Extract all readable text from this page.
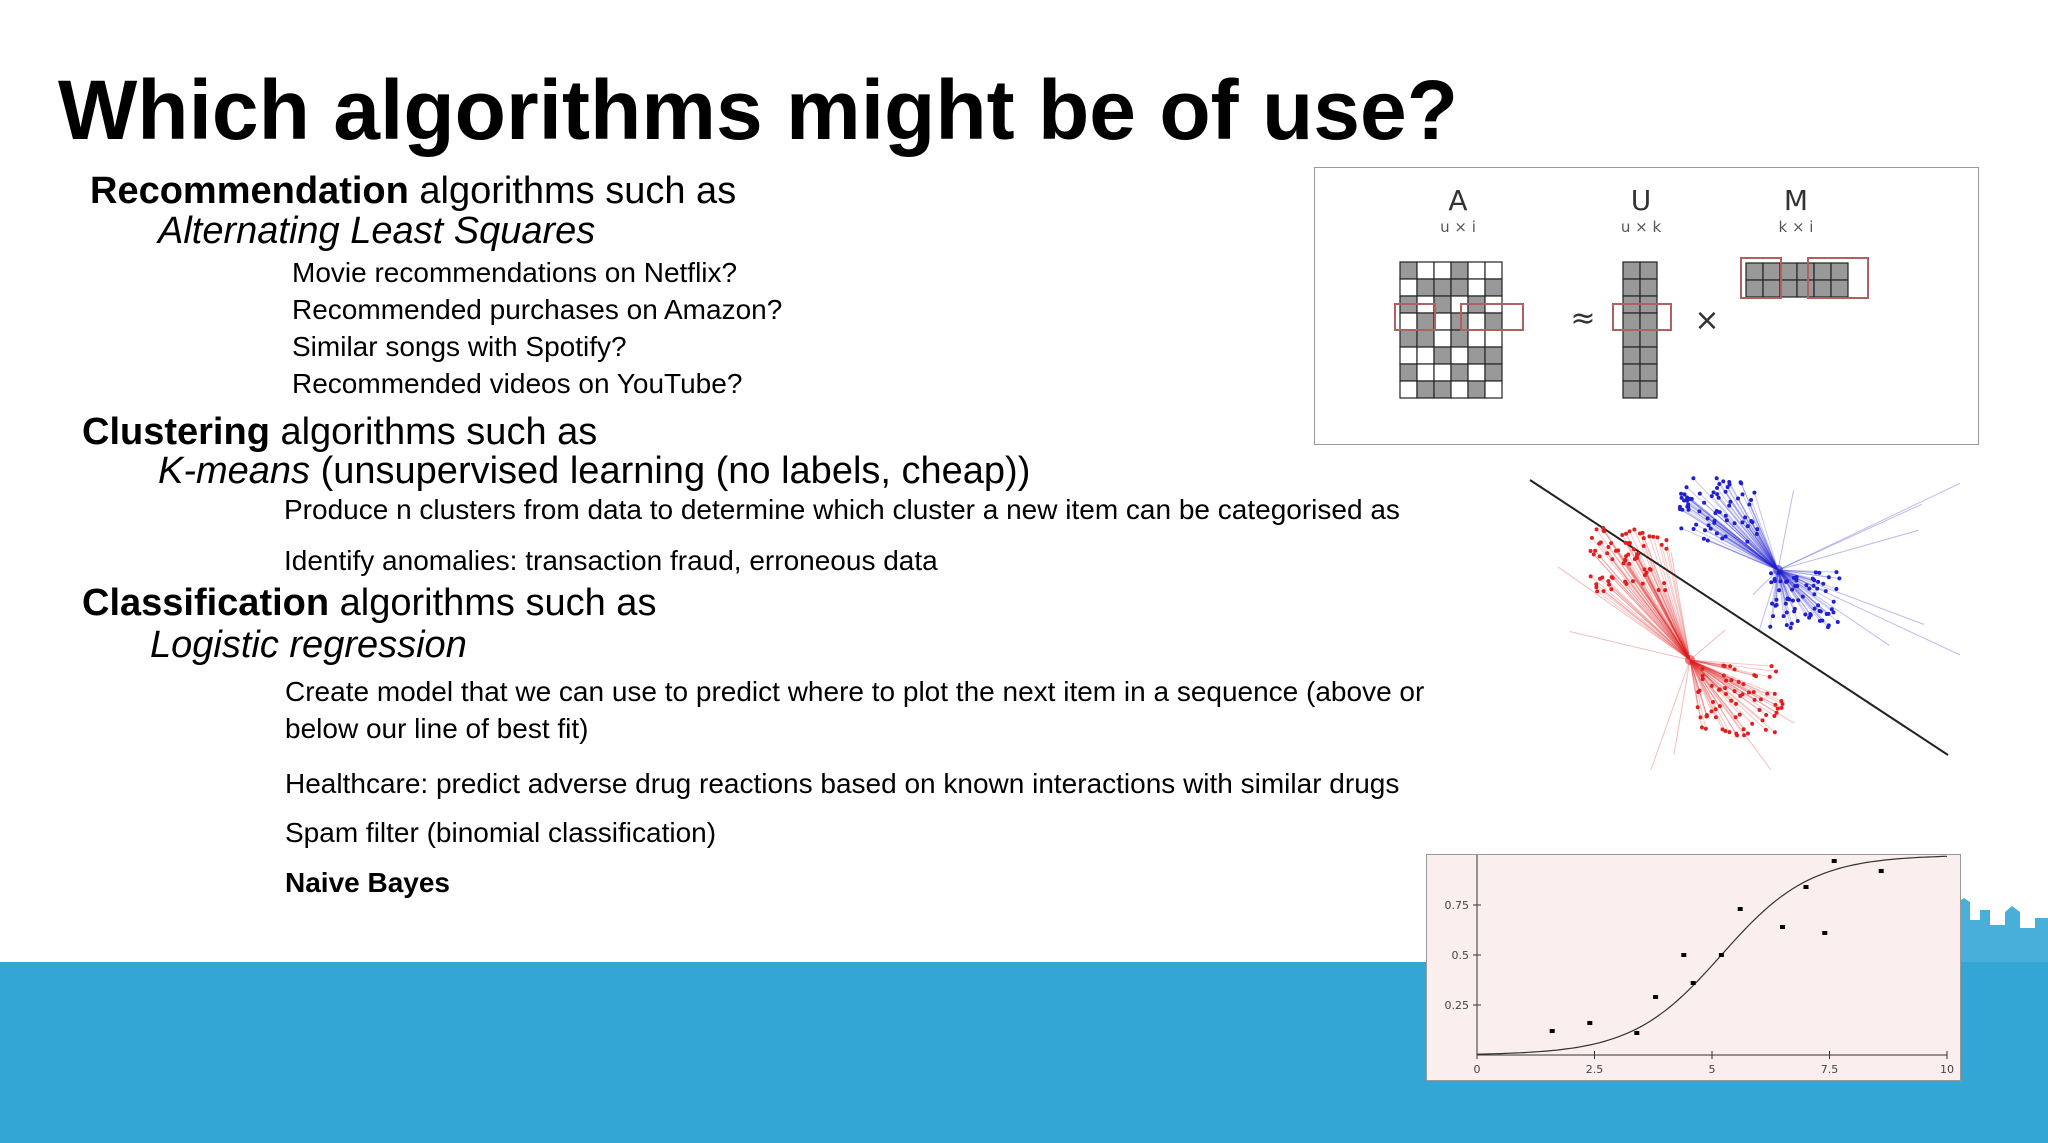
Which algorithms might be of use?
Recommendation algorithms such as
Alternating Least Squares
Movie recommendations on Netflix?
Recommended purchases on Amazon?
Similar songs with Spotify?
Recommended videos on YouTube?
Clustering algorithms such as
K-means (unsupervised learning (no labels, cheap))
Produce n clusters from data to determine which cluster a new item can be categorised as
Identify anomalies: transaction fraud, erroneous data
Classification algorithms such as
Logistic regression
Create model that we can use to predict where to plot the next item in a sequence (above or
below our line of best fit)
Healthcare: predict adverse drug reactions based on known interactions with similar drugs
Spam filter (binomial classification)
Naive Bayes
A	U	M
u × i	u × k	k × i
≈	×
0	2.5	5	7.5	10
0.25
0.5
0.75
